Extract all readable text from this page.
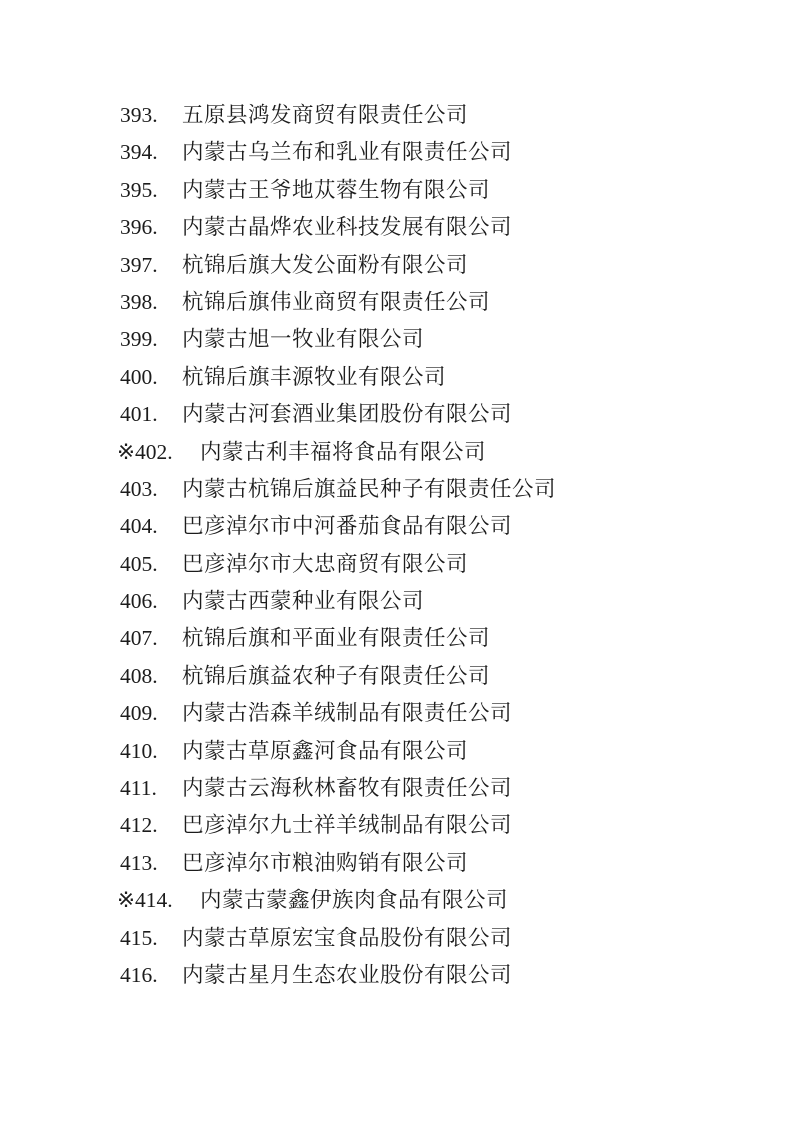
393.	五原县鸿发商贸有限责任公司
394.	内蒙古乌兰布和乳业有限责任公司
395.	内蒙古王爷地苁蓉生物有限公司
396.	内蒙古晶烨农业科技发展有限公司
397.	杭锦后旗大发公面粉有限公司
398.	杭锦后旗伟业商贸有限责任公司
399.	内蒙古旭一牧业有限公司
400.	杭锦后旗丰源牧业有限公司
401.	内蒙古河套酒业集团股份有限公司
※402.	内蒙古利丰福将食品有限公司
403.	内蒙古杭锦后旗益民种子有限责任公司
404.	巴彦淖尔市中河番茄食品有限公司
405.	巴彦淖尔市大忠商贸有限公司
406.	内蒙古西蒙种业有限公司
407.	杭锦后旗和平面业有限责任公司
408.	杭锦后旗益农种子有限责任公司
409.	内蒙古浩森羊绒制品有限责任公司
410.	内蒙古草原鑫河食品有限公司
411.	内蒙古云海秋林畜牧有限责任公司
412.	巴彦淖尔九士祥羊绒制品有限公司
413.	巴彦淖尔市粮油购销有限公司
※414.	内蒙古蒙鑫伊族肉食品有限公司
415.	内蒙古草原宏宝食品股份有限公司
416.	内蒙古星月生态农业股份有限公司
